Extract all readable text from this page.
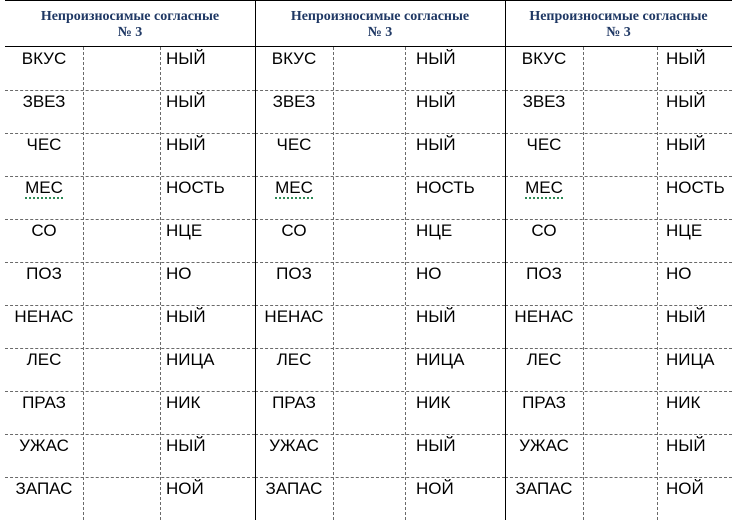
Непроизносимые согласные
№ 3
ВКУС	НЫЙ
ЗВЕЗ	НЫЙ
ЧЕС	НЫЙ
МЕС	НОСТЬ
СО	НЦЕ
ПОЗ	НО
НЕНАС	НЫЙ
ЛЕС	НИЦА
ПРАЗ	НИК
УЖАС	НЫЙ
ЗАПАС	НОЙ
Непроизносимые согласные
№ 3
ВКУС	НЫЙ
ЗВЕЗ	НЫЙ
ЧЕС	НЫЙ
МЕС	НОСТЬ
СО	НЦЕ
ПОЗ	НО
НЕНАС	НЫЙ
ЛЕС	НИЦА
ПРАЗ	НИК
УЖАС	НЫЙ
ЗАПАС	НОЙ
Непроизносимые согласные
№ 3
ВКУС	НЫЙ
ЗВЕЗ	НЫЙ
ЧЕС	НЫЙ
МЕС	НОСТЬ
СО	НЦЕ
ПОЗ	НО
НЕНАС	НЫЙ
ЛЕС	НИЦА
ПРАЗ	НИК
УЖАС	НЫЙ
ЗАПАС	НОЙ
